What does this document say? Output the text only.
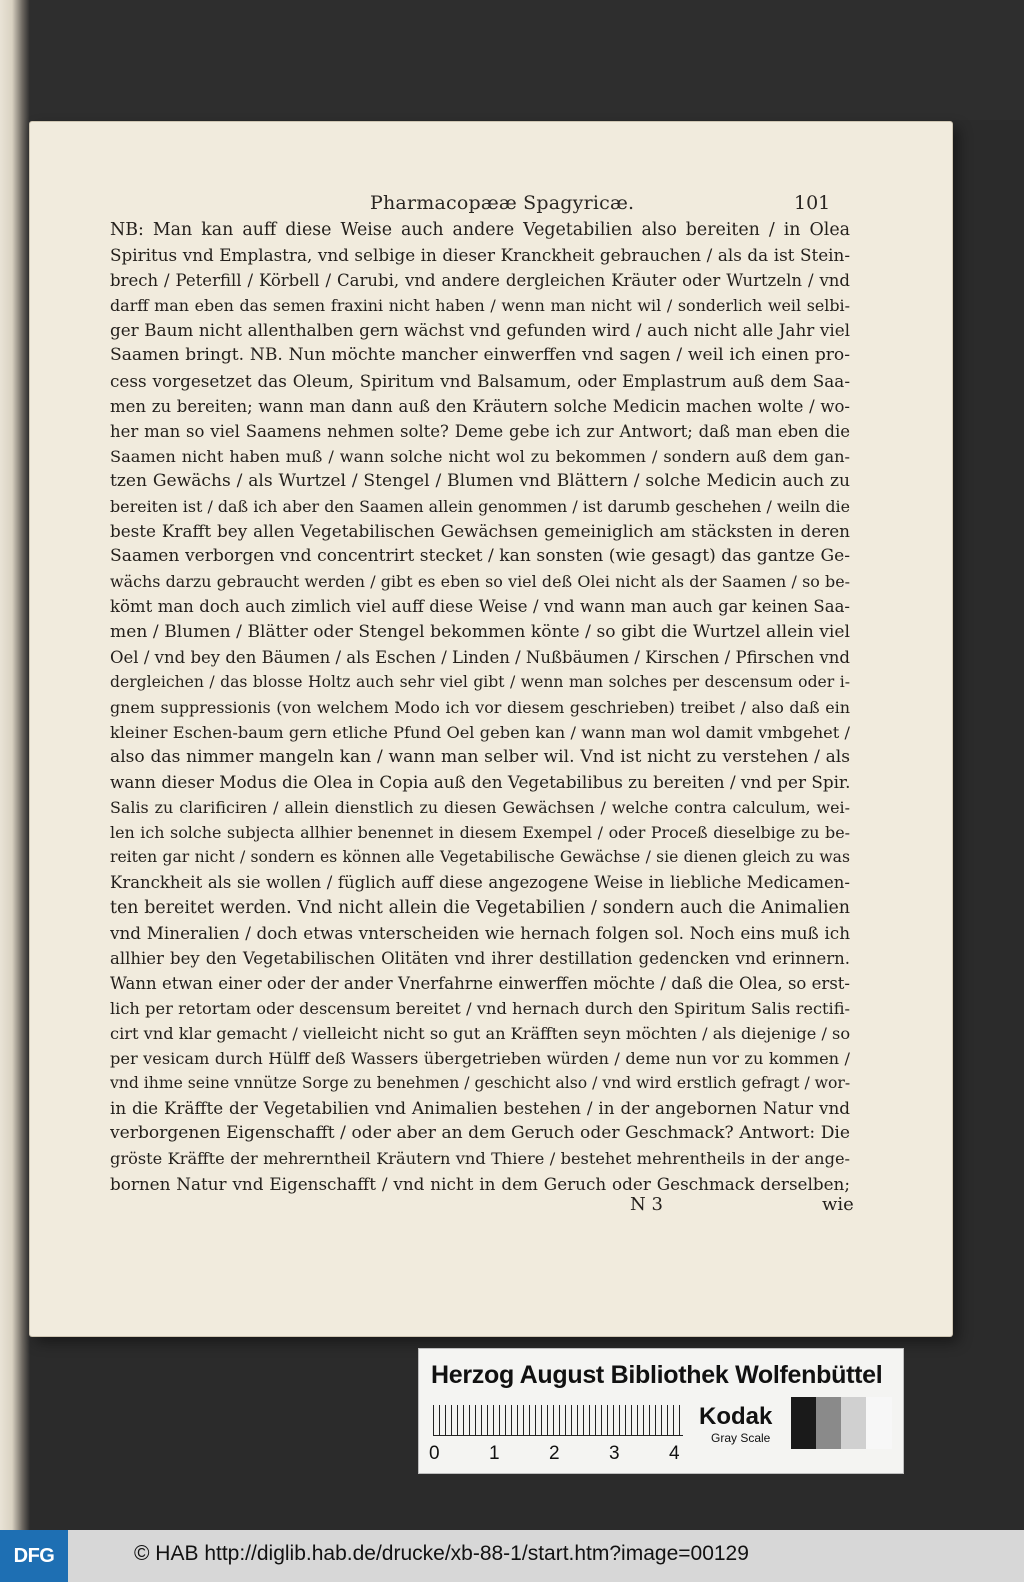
Pharmacopææ Spagyricæ.	101
NB: Man kan auff diese Weise auch andere Vegetabilien also bereiten / in Olea
Spiritus vnd Emplastra, vnd selbige in dieser Kranckheit gebrauchen / als da ist Stein-
brech / Peterfill / Körbell / Carubi, vnd andere dergleichen Kräuter oder Wurtzeln / vnd
darff man eben das semen fraxini nicht haben / wenn man nicht wil / sonderlich weil selbi-
ger Baum nicht allenthalben gern wächst vnd gefunden wird / auch nicht alle Jahr viel
Saamen bringt. NB. Nun möchte mancher einwerffen vnd sagen / weil ich einen pro-
cess vorgesetzet das Oleum, Spiritum vnd Balsamum, oder Emplastrum auß dem Saa-
men zu bereiten; wann man dann auß den Kräutern solche Medicin machen wolte / wo-
her man so viel Saamens nehmen solte? Deme gebe ich zur Antwort; daß man eben die
Saamen nicht haben muß / wann solche nicht wol zu bekommen / sondern auß dem gan-
tzen Gewächs / als Wurtzel / Stengel / Blumen vnd Blättern / solche Medicin auch zu
bereiten ist / daß ich aber den Saamen allein genommen / ist darumb geschehen / weiln die
beste Krafft bey allen Vegetabilischen Gewächsen gemeiniglich am stäcksten in deren
Saamen verborgen vnd concentrirt stecket / kan sonsten (wie gesagt) das gantze Ge-
wächs darzu gebraucht werden / gibt es eben so viel deß Olei nicht als der Saamen / so be-
kömt man doch auch zimlich viel auff diese Weise / vnd wann man auch gar keinen Saa-
men / Blumen / Blätter oder Stengel bekommen könte / so gibt die Wurtzel allein viel
Oel / vnd bey den Bäumen / als Eschen / Linden / Nußbäumen / Kirschen / Pfirschen vnd
dergleichen / das blosse Holtz auch sehr viel gibt / wenn man solches per descensum oder i-
gnem suppressionis (von welchem Modo ich vor diesem geschrieben) treibet / also daß ein
kleiner Eschen-baum gern etliche Pfund Oel geben kan / wann man wol damit vmbgehet /
also das nimmer mangeln kan / wann man selber wil. Vnd ist nicht zu verstehen / als
wann dieser Modus die Olea in Copia auß den Vegetabilibus zu bereiten / vnd per Spir.
Salis zu clarificiren / allein dienstlich zu diesen Gewächsen / welche contra calculum, wei-
len ich solche subjecta allhier benennet in diesem Exempel / oder Proceß dieselbige zu be-
reiten gar nicht / sondern es können alle Vegetabilische Gewächse / sie dienen gleich zu was
Kranckheit als sie wollen / füglich auff diese angezogene Weise in liebliche Medicamen-
ten bereitet werden. Vnd nicht allein die Vegetabilien / sondern auch die Animalien
vnd Mineralien / doch etwas vnterscheiden wie hernach folgen sol. Noch eins muß ich
allhier bey den Vegetabilischen Olitäten vnd ihrer destillation gedencken vnd erinnern.
Wann etwan einer oder der ander Vnerfahrne einwerffen möchte / daß die Olea, so erst-
lich per retortam oder descensum bereitet / vnd hernach durch den Spiritum Salis rectifi-
cirt vnd klar gemacht / vielleicht nicht so gut an Kräfften seyn möchten / als diejenige / so
per vesicam durch Hülff deß Wassers übergetrieben würden / deme nun vor zu kommen /
vnd ihme seine vnnütze Sorge zu benehmen / geschicht also / vnd wird erstlich gefragt / wor-
in die Kräffte der Vegetabilien vnd Animalien bestehen / in der angebornen Natur vnd
verborgenen Eigenschafft / oder aber an dem Geruch oder Geschmack? Antwort: Die
gröste Kräffte der mehrerntheil Kräutern vnd Thiere / bestehet mehrentheils in der ange-
bornen Natur vnd Eigenschafft / vnd nicht in dem Geruch oder Geschmack derselben;
N 3	wie
Herzog August Bibliothek Wolfenbüttel
0	1	2	3	4
Kodak
Gray Scale
DFG	© HAB http://diglib.hab.de/drucke/xb-88-1/start.htm?image=00129
